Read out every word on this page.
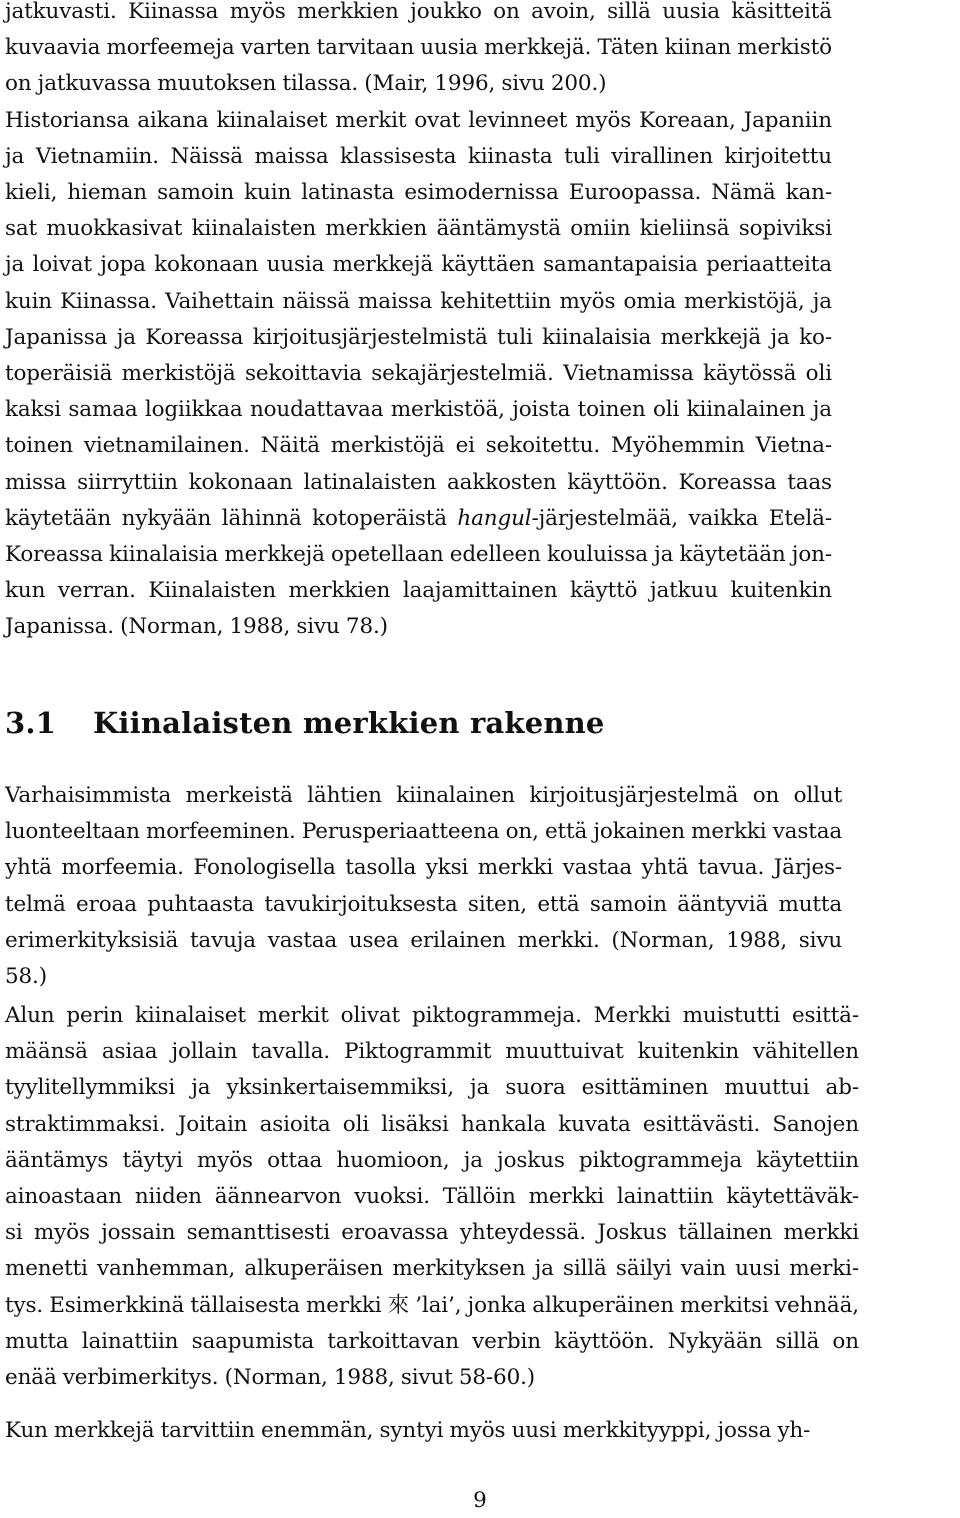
jatkuvasti. Kiinassa myös merkkien joukko on avoin, sillä uusia käsitteitä
kuvaavia morfeemeja varten tarvitaan uusia merkkejä. Täten kiinan merkistö
on jatkuvassa muutoksen tilassa. (Mair, 1996, sivu 200.)
Historiansa aikana kiinalaiset merkit ovat levinneet myös Koreaan, Japaniin
ja Vietnamiin. Näissä maissa klassisesta kiinasta tuli virallinen kirjoitettu
kieli, hieman samoin kuin latinasta esimodernissa Euroopassa. Nämä kan-
sat muokkasivat kiinalaisten merkkien ääntämystä omiin kieliinsä sopiviksi
ja loivat jopa kokonaan uusia merkkejä käyttäen samantapaisia periaatteita
kuin Kiinassa. Vaihettain näissä maissa kehitettiin myös omia merkistöjä, ja
Japanissa ja Koreassa kirjoitusjärjestelmistä tuli kiinalaisia merkkejä ja ko-
toperäisiä merkistöjä sekoittavia sekajärjestelmiä. Vietnamissa käytössä oli
kaksi samaa logiikkaa noudattavaa merkistöä, joista toinen oli kiinalainen ja
toinen vietnamilainen. Näitä merkistöjä ei sekoitettu. Myöhemmin Vietna-
missa siirryttiin kokonaan latinalaisten aakkosten käyttöön. Koreassa taas
käytetään nykyään lähinnä kotoperäistä hangul-järjestelmää, vaikka Etelä-
Koreassa kiinalaisia merkkejä opetellaan edelleen kouluissa ja käytetään jon-
kun verran. Kiinalaisten merkkien laajamittainen käyttö jatkuu kuitenkin
Japanissa. (Norman, 1988, sivu 78.)
3.1 Kiinalaisten merkkien rakenne
Varhaisimmista merkeistä lähtien kiinalainen kirjoitusjärjestelmä on ollut
luonteeltaan morfeeminen. Perusperiaatteena on, että jokainen merkki vastaa
yhtä morfeemia. Fonologisella tasolla yksi merkki vastaa yhtä tavua. Järjes-
telmä eroaa puhtaasta tavukirjoituksesta siten, että samoin ääntyviä mutta
erimerkityksisiä tavuja vastaa usea erilainen merkki. (Norman, 1988, sivu
58.)
Alun perin kiinalaiset merkit olivat piktogrammeja. Merkki muistutti esittä-
määnsä asiaa jollain tavalla. Piktogrammit muuttuivat kuitenkin vähitellen
tyylitellymmiksi ja yksinkertaisemmiksi, ja suora esittäminen muuttui ab-
straktimmaksi. Joitain asioita oli lisäksi hankala kuvata esittävästi. Sanojen
ääntämys täytyi myös ottaa huomioon, ja joskus piktogrammeja käytettiin
ainoastaan niiden äännearvon vuoksi. Tällöin merkki lainattiin käytettäväk-
si myös jossain semanttisesti eroavassa yhteydessä. Joskus tällainen merkki
menetti vanhemman, alkuperäisen merkityksen ja sillä säilyi vain uusi merki-
tys. Esimerkkinä tällaisesta merkki 來 ’lai’, jonka alkuperäinen merkitsi vehnää,
mutta lainattiin saapumista tarkoittavan verbin käyttöön. Nykyään sillä on
enää verbimerkitys. (Norman, 1988, sivut 58-60.)
Kun merkkejä tarvittiin enemmän, syntyi myös uusi merkkityyppi, jossa yh-
9
